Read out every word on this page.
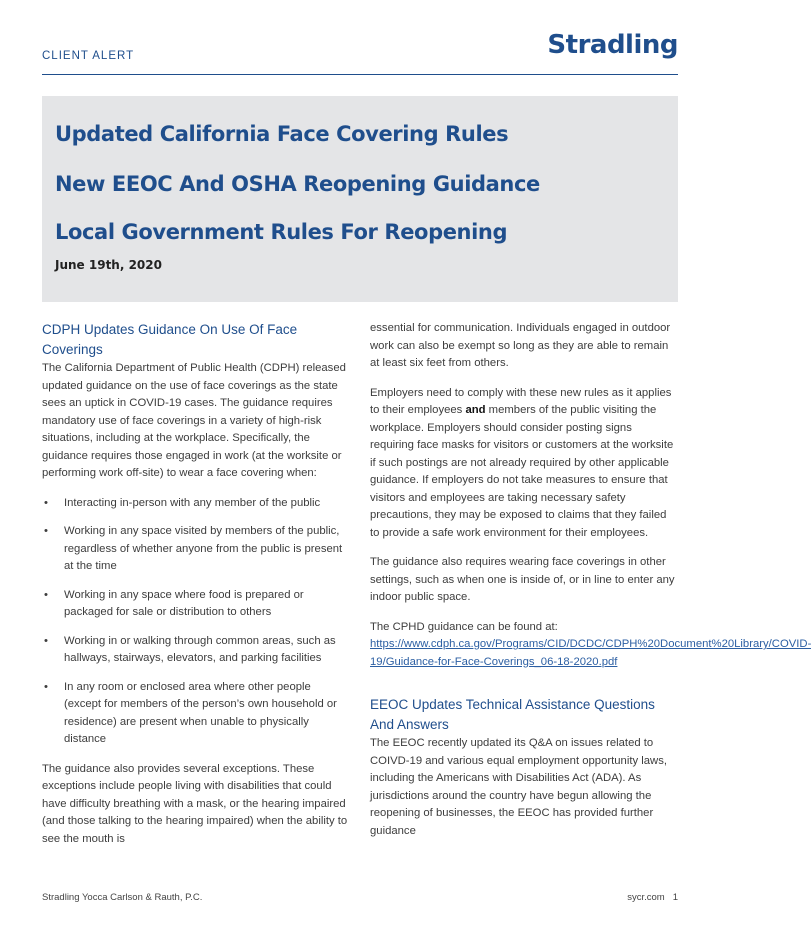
CLIENT ALERT	Stradling
Updated California Face Covering Rules
New EEOC And OSHA Reopening Guidance
Local Government Rules For Reopening
June 19th, 2020
CDPH Updates Guidance On Use Of Face Coverings

The California Department of Public Health (CDPH) released updated guidance on the use of face coverings as the state sees an uptick in COVID-19 cases. The guidance requires mandatory use of face coverings in a variety of high-risk situations, including at the workplace. Specifically, the guidance requires those engaged in work (at the worksite or performing work off-site) to wear a face covering when:

• Interacting in-person with any member of the public
• Working in any space visited by members of the public, regardless of whether anyone from the public is present at the time
• Working in any space where food is prepared or packaged for sale or distribution to others
• Working in or walking through common areas, such as hallways, stairways, elevators, and parking facilities
• In any room or enclosed area where other people (except for members of the person’s own household or residence) are present when unable to physically distance

The guidance also provides several exceptions. These exceptions include people living with disabilities that could have difficulty breathing with a mask, or the hearing impaired (and those talking to the hearing impaired) when the ability to see the mouth is

essential for communication. Individuals engaged in outdoor work can also be exempt so long as they are able to remain at least six feet from others.

Employers need to comply with these new rules as it applies to their employees and members of the public visiting the workplace. Employers should consider posting signs requiring face masks for visitors or customers at the worksite if such postings are not already required by other applicable guidance. If employers do not take measures to ensure that visitors and employees are taking necessary safety precautions, they may be exposed to claims that they failed to provide a safe work environment for their employees.

The guidance also requires wearing face coverings in other settings, such as when one is inside of, or in line to enter any indoor public space.

The CPHD guidance can be found at: https://www.cdph.ca.gov/Programs/CID/DCDC/CDPH%20Document%20Library/COVID-19/Guidance-for-Face-Coverings_06-18-2020.pdf

EEOC Updates Technical Assistance Questions And Answers

The EEOC recently updated its Q&A on issues related to COIVD-19 and various equal employment opportunity laws, including the Americans with Disabilities Act (ADA). As jurisdictions around the country have begun allowing the reopening of businesses, the EEOC has provided further guidance

Stradling Yocca Carlson & Rauth, P.C.	sycr.com 1
